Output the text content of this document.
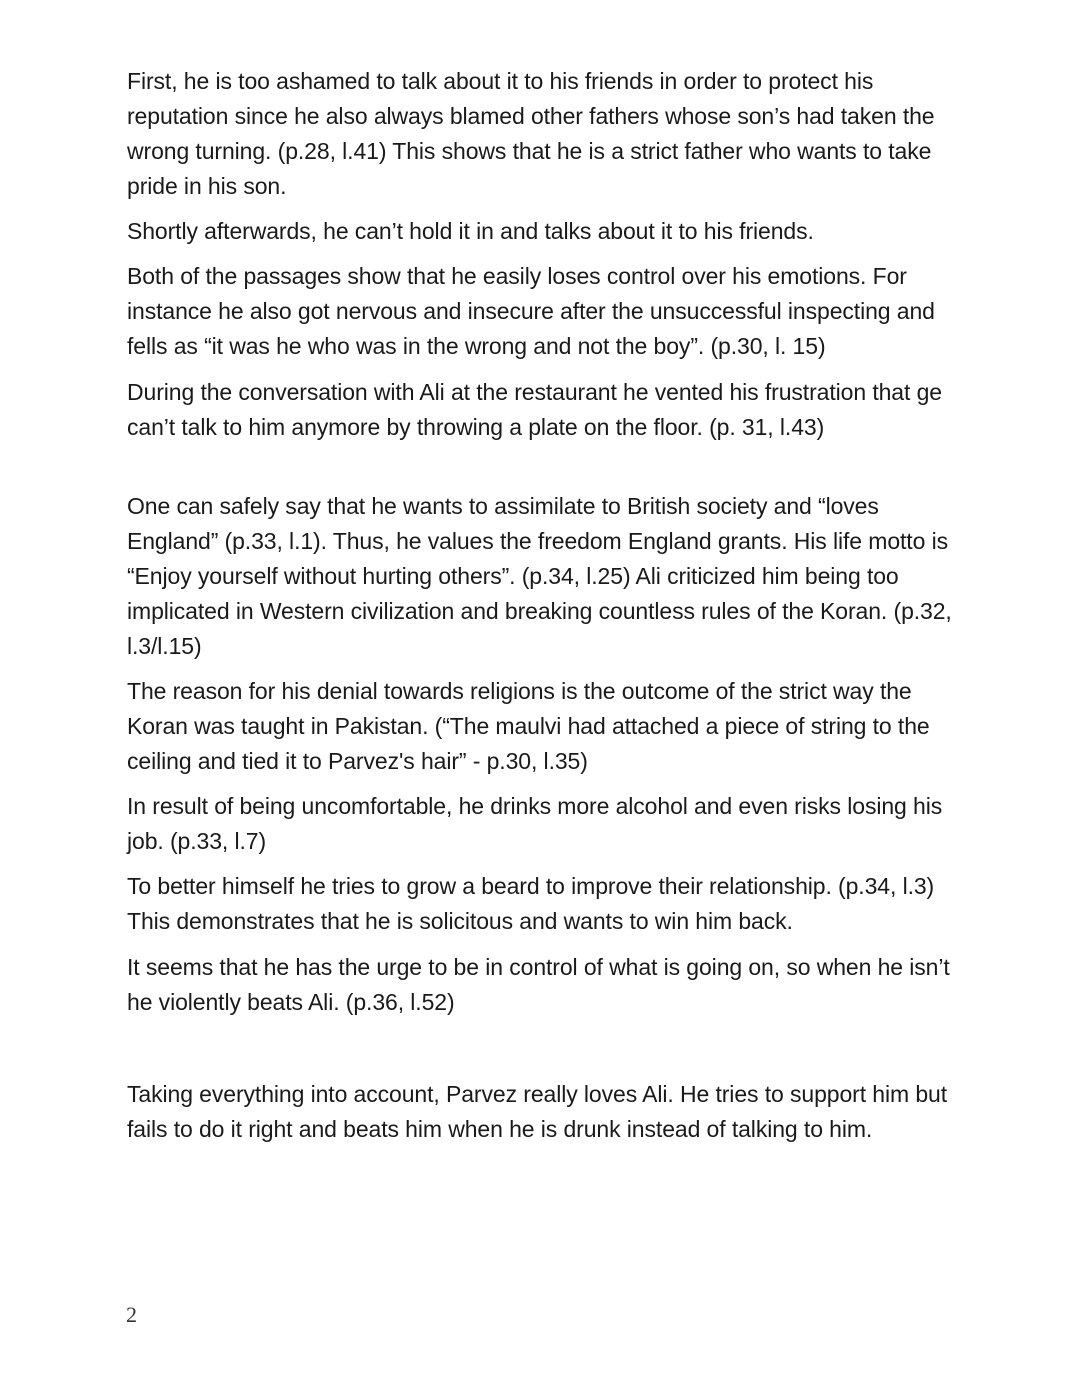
First, he is too ashamed to talk about it to his friends in order to protect his reputation since he also always blamed other fathers whose son’s had taken the wrong turning. (p.28, l.41) This shows that he is a strict father who wants to take pride in his son.

Shortly afterwards, he can’t hold it in and talks about it to his friends.

Both of the passages show that he easily loses control over his emotions. For instance he also got nervous and insecure after the unsuccessful inspecting and fells as “it was he who was in the wrong and not the boy”. (p.30, l. 15)

During the conversation with Ali at the restaurant he vented his frustration that ge can’t talk to him anymore by throwing a plate on the floor. (p. 31, l.43)

One can safely say that he wants to assimilate to British society and “loves England” (p.33, l.1). Thus, he values the freedom England grants. His life motto is “Enjoy yourself without hurting others”. (p.34, l.25) Ali criticized him being too implicated in Western civilization and breaking countless rules of the Koran. (p.32, l.3/l.15)

The reason for his denial towards religions is the outcome of the strict way the Koran was taught in Pakistan. (“The maulvi had attached a piece of string to the ceiling and tied it to Parvez's hair” - p.30, l.35)

In result of being uncomfortable, he drinks more alcohol and even risks losing his job. (p.33, l.7)

To better himself he tries to grow a beard to improve their relationship. (p.34, l.3) This demonstrates that he is solicitous and wants to win him back.

It seems that he has the urge to be in control of what is going on, so when he isn’t he violently beats Ali. (p.36, l.52)

Taking everything into account, Parvez really loves Ali. He tries to support him but fails to do it right and beats him when he is drunk instead of talking to him.

2
